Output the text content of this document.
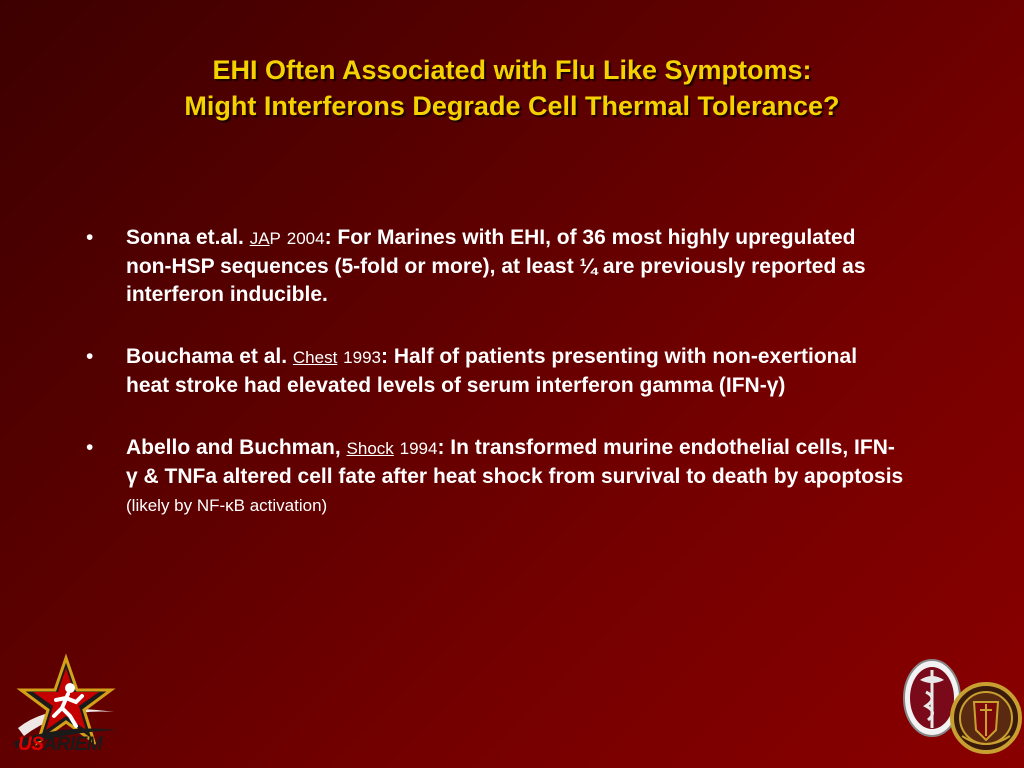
EHI Often Associated with Flu Like Symptoms:
Might Interferons Degrade Cell Thermal Tolerance?
• Sonna et.al. JAP 2004: For Marines with EHI, of 36 most highly upregulated non-HSP sequences (5-fold or more), at least ¼ are previously reported as interferon inducible.
• Bouchama et al. Chest 1993: Half of patients presenting with non-exertional heat stroke had elevated levels of serum interferon gamma (IFN-γ)
• Abello and Buchman, Shock 1994: In transformed murine endothelial cells, IFN-γ & TNFa altered cell fate after heat shock from survival to death by apoptosis (likely by NF-κB activation)
USARIEM
